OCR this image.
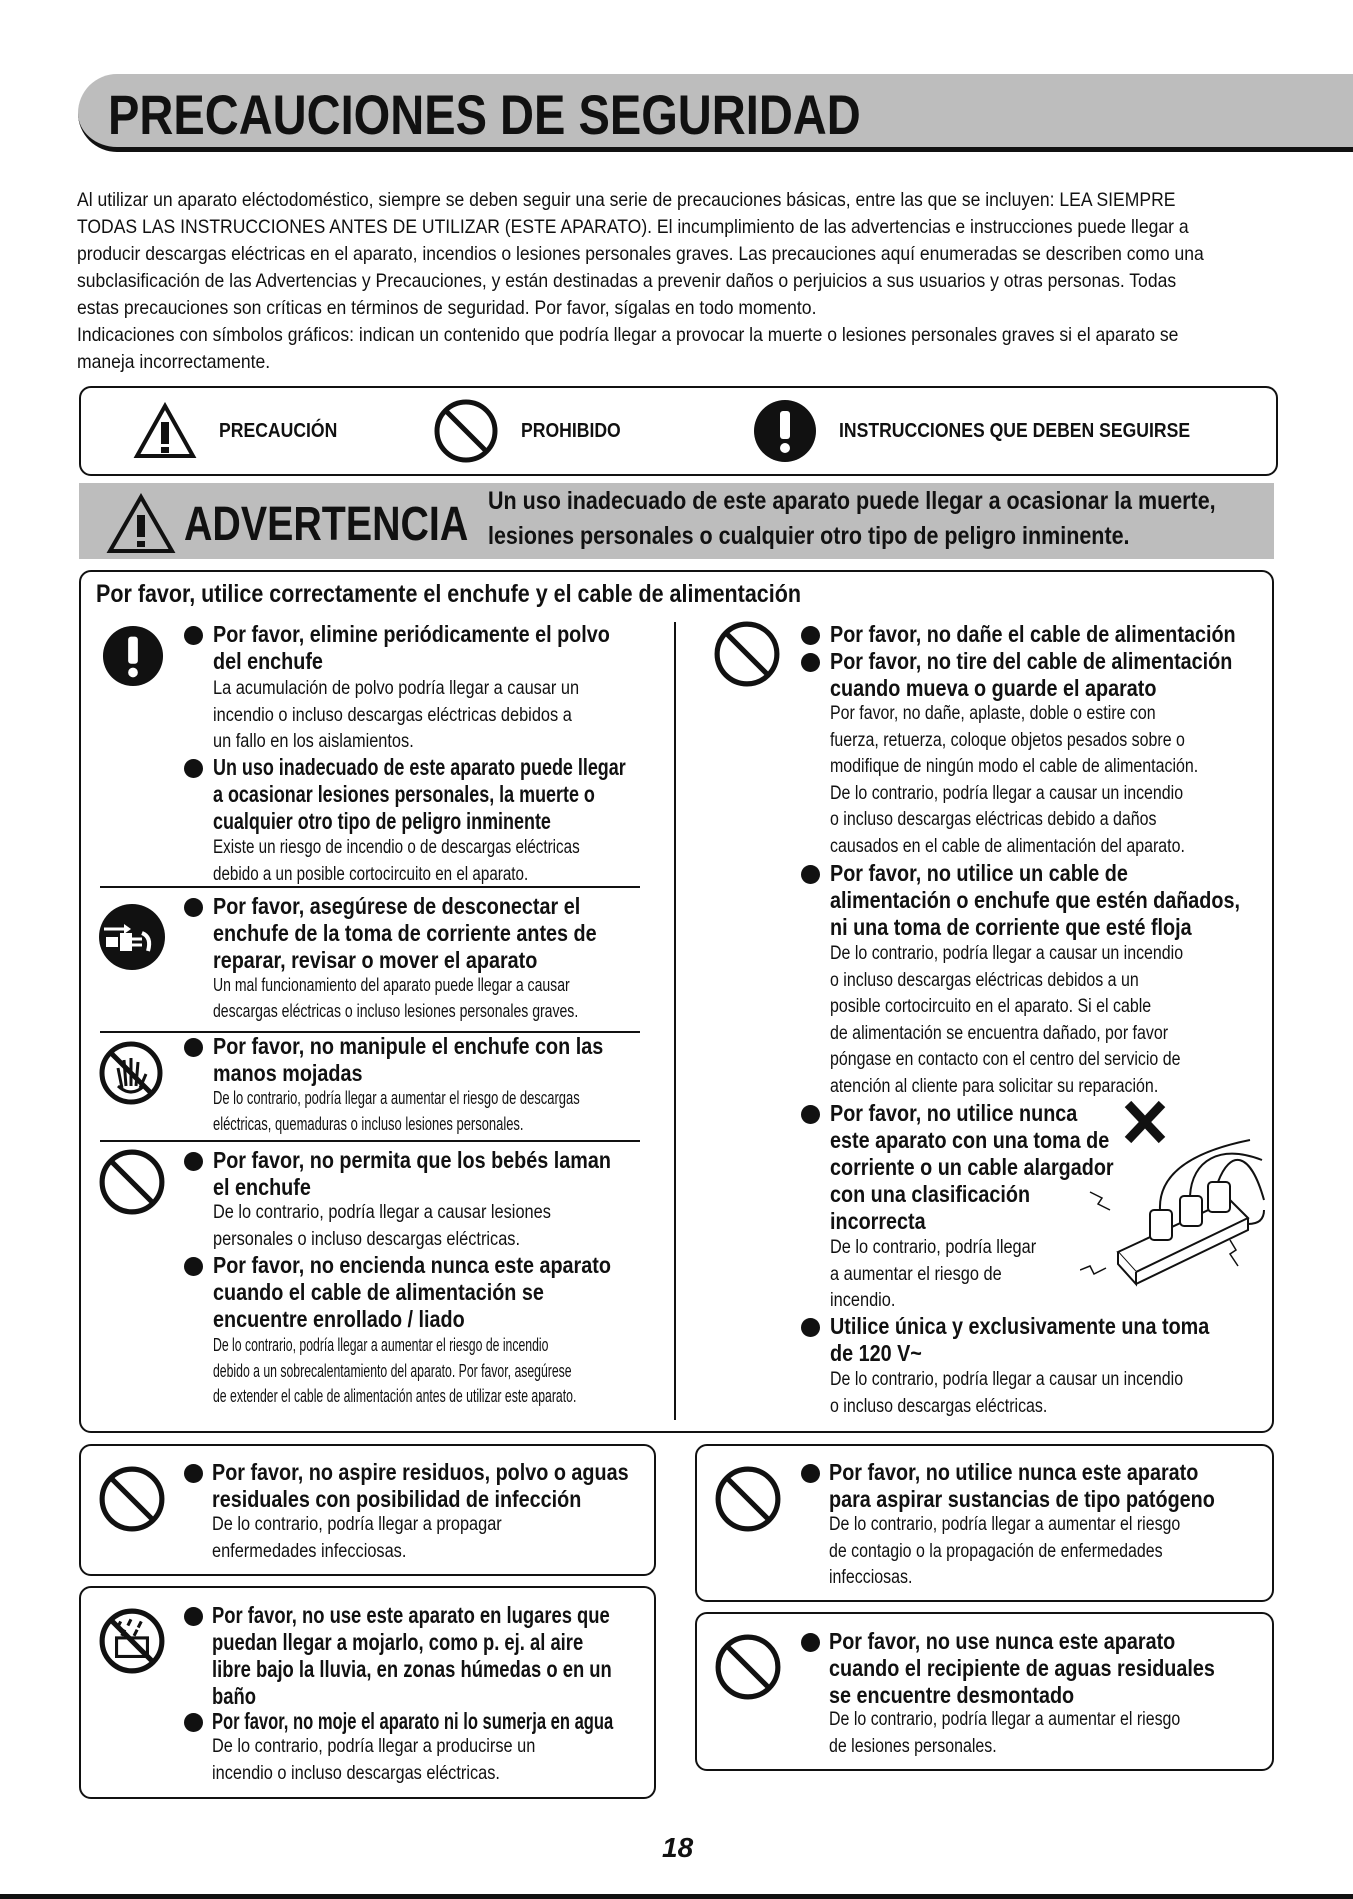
PRECAUCIONES DE SEGURIDAD

Al utilizar un aparato eléctodoméstico, siempre se deben seguir una serie de precauciones básicas, entre las que se incluyen: LEA SIEMPRE

TODAS LAS INSTRUCCIONES ANTES DE UTILIZAR (ESTE APARATO). El incumplimiento de las advertencias e instrucciones puede llegar a

producir descargas eléctricas en el aparato, incendios o lesiones personales graves. Las precauciones aquí enumeradas se describen como una

subclasificación de las Advertencias y Precauciones, y están destinadas a prevenir daños o perjuicios a sus usuarios y otras personas. Todas

estas precauciones son críticas en términos de seguridad. Por favor, sígalas en todo momento.

Indicaciones con símbolos gráficos: indican un contenido que podría llegar a provocar la muerte o lesiones personales graves si el aparato se

maneja incorrectamente.

PRECAUCIÓN	PROHIBIDO	INSTRUCCIONES QUE DEBEN SEGUIRSE
ADVERTENCIA Un uso inadecuado de este aparato puede llegar a ocasionar la muerte,
lesiones personales o cualquier otro tipo de peligro inminente.
Por favor, utilice correctamente el enchufe y el cable de alimentación
Por favor, elimine periódicamente el polvo
del enchufe
La acumulación de polvo podría llegar a causar un
incendio o incluso descargas eléctricas debidos a
un fallo en los aislamientos.
Un uso inadecuado de este aparato puede llegar
a ocasionar lesiones personales, la muerte o
cualquier otro tipo de peligro inminente
Existe un riesgo de incendio o de descargas eléctricas
debido a un posible cortocircuito en el aparato.
Por favor, asegúrese de desconectar el
enchufe de la toma de corriente antes de
reparar, revisar o mover el aparato
Un mal funcionamiento del aparato puede llegar a causar
descargas eléctricas o incluso lesiones personales graves.
Por favor, no manipule el enchufe con las
manos mojadas
De lo contrario, podría llegar a aumentar el riesgo de descargas
eléctricas, quemaduras o incluso lesiones personales.
Por favor, no permita que los bebés laman
el enchufe
De lo contrario, podría llegar a causar lesiones
personales o incluso descargas eléctricas.
Por favor, no encienda nunca este aparato
cuando el cable de alimentación se
encuentre enrollado / liado
De lo contrario, podría llegar a aumentar el riesgo de incendio
debido a un sobrecalentamiento del aparato. Por favor, asegúrese
de extender el cable de alimentación antes de utilizar este aparato.
Por favor, no dañe el cable de alimentación
Por favor, no tire del cable de alimentación
cuando mueva o guarde el aparato
Por favor, no dañe, aplaste, doble o estire con
fuerza, retuerza, coloque objetos pesados sobre o
modifique de ningún modo el cable de alimentación.
De lo contrario, podría llegar a causar un incendio
o incluso descargas eléctricas debido a daños
causados en el cable de alimentación del aparato.
Por favor, no utilice un cable de
alimentación o enchufe que estén dañados,
ni una toma de corriente que esté floja
De lo contrario, podría llegar a causar un incendio
o incluso descargas eléctricas debidos a un
posible cortocircuito en el aparato. Si el cable
de alimentación se encuentra dañado, por favor
póngase en contacto con el centro del servicio de
atención al cliente para solicitar su reparación.
Por favor, no utilice nunca
este aparato con una toma de
corriente o un cable alargador
con una clasificación
incorrecta
De lo contrario, podría llegar
a aumentar el riesgo de
incendio.
Utilice única y exclusivamente una toma
de 120 V~
De lo contrario, podría llegar a causar un incendio
o incluso descargas eléctricas.
Por favor, no aspire residuos, polvo o aguas
residuales con posibilidad de infección
De lo contrario, podría llegar a propagar
enfermedades infecciosas.
Por favor, no utilice nunca este aparato
para aspirar sustancias de tipo patógeno
De lo contrario, podría llegar a aumentar el riesgo
de contagio o la propagación de enfermedades
infecciosas.
Por favor, no use este aparato en lugares que
puedan llegar a mojarlo, como p. ej. al aire
libre bajo la lluvia, en zonas húmedas o en un
baño
Por favor, no moje el aparato ni lo sumerja en agua
De lo contrario, podría llegar a producirse un
incendio o incluso descargas eléctricas.
Por favor, no use nunca este aparato
cuando el recipiente de aguas residuales
se encuentre desmontado
De lo contrario, podría llegar a aumentar el riesgo
de lesiones personales.
18
